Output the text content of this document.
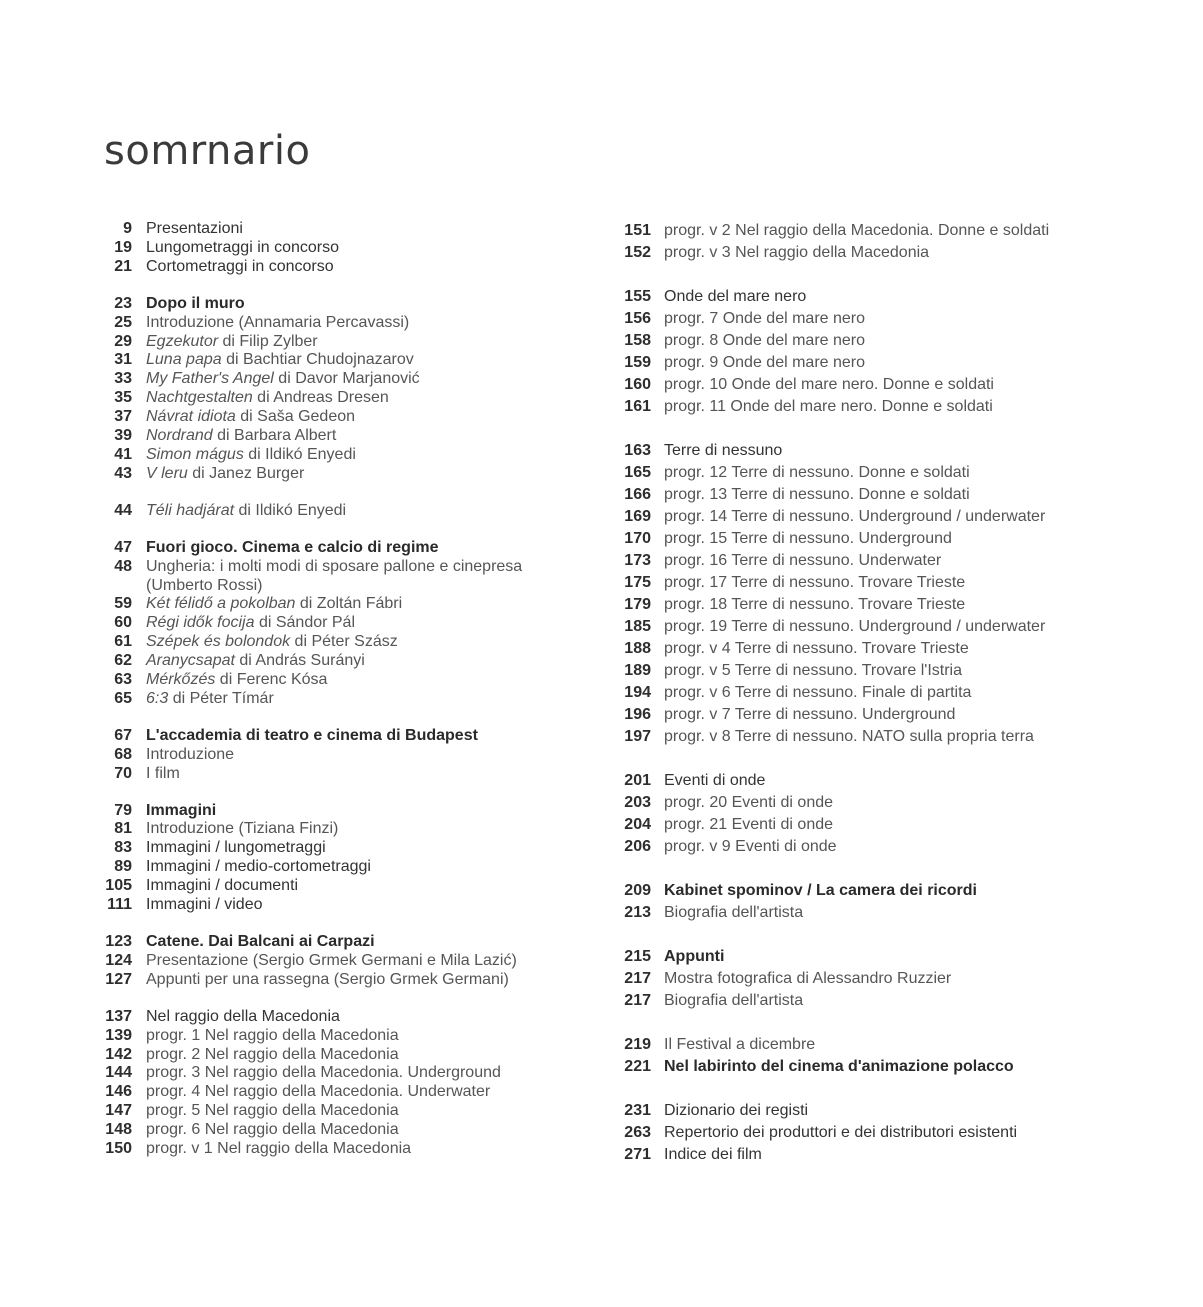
somrnario
9 Presentazioni
19 Lungometraggi in concorso
21 Cortometraggi in concorso
23 Dopo il muro
25 Introduzione (Annamaria Percavassi)
29 Egzekutor di Filip Zylber
31 Luna papa di Bachtiar Chudojnazarov
33 My Father's Angel di Davor Marjanović
35 Nachtgestalten di Andreas Dresen
37 Návrat idiota di Saša Gedeon
39 Nordrand di Barbara Albert
41 Simon mágus di Ildikó Enyedi
43 V leru di Janez Burger
44 Téli hadjárat di Ildikó Enyedi
47 Fuori gioco. Cinema e calcio di regime
48 Ungheria: i molti modi di sposare pallone e cinepresa (Umberto Rossi)
59 Két félidő a pokolban di Zoltán Fábri
60 Régi idők focija di Sándor Pál
61 Szépek és bolondok di Péter Szász
62 Aranycsapat di András Surányi
63 Mérkőzés di Ferenc Kósa
65 6:3 di Péter Tímár
67 L'accademia di teatro e cinema di Budapest
68 Introduzione
70 I film
79 Immagini
81 Introduzione (Tiziana Finzi)
83 Immagini / lungometraggi
89 Immagini / medio-cortometraggi
105 Immagini / documenti
111 Immagini / video
123 Catene. Dai Balcani ai Carpazi
124 Presentazione (Sergio Grmek Germani e Mila Lazić)
127 Appunti per una rassegna (Sergio Grmek Germani)
137 Nel raggio della Macedonia
139 progr. 1 Nel raggio della Macedonia
142 progr. 2 Nel raggio della Macedonia
144 progr. 3 Nel raggio della Macedonia. Underground
146 progr. 4 Nel raggio della Macedonia. Underwater
147 progr. 5 Nel raggio della Macedonia
148 progr. 6 Nel raggio della Macedonia
150 progr. v 1 Nel raggio della Macedonia
151 progr. v 2 Nel raggio della Macedonia. Donne e soldati
152 progr. v 3 Nel raggio della Macedonia
155 Onde del mare nero
156 progr. 7 Onde del mare nero
158 progr. 8 Onde del mare nero
159 progr. 9 Onde del mare nero
160 progr. 10 Onde del mare nero. Donne e soldati
161 progr. 11 Onde del mare nero. Donne e soldati
163 Terre di nessuno
165 progr. 12 Terre di nessuno. Donne e soldati
166 progr. 13 Terre di nessuno. Donne e soldati
169 progr. 14 Terre di nessuno. Underground / underwater
170 progr. 15 Terre di nessuno. Underground
173 progr. 16 Terre di nessuno. Underwater
175 progr. 17 Terre di nessuno. Trovare Trieste
179 progr. 18 Terre di nessuno. Trovare Trieste
185 progr. 19 Terre di nessuno. Underground / underwater
188 progr. v 4 Terre di nessuno. Trovare Trieste
189 progr. v 5 Terre di nessuno. Trovare l'Istria
194 progr. v 6 Terre di nessuno. Finale di partita
196 progr. v 7 Terre di nessuno. Underground
197 progr. v 8 Terre di nessuno. NATO sulla propria terra
201 Eventi di onde
203 progr. 20 Eventi di onde
204 progr. 21 Eventi di onde
206 progr. v 9 Eventi di onde
209 Kabinet spominov / La camera dei ricordi
213 Biografia dell'artista
215 Appunti
217 Mostra fotografica di Alessandro Ruzzier
217 Biografia dell'artista
219 Il Festival a dicembre
221 Nel labirinto del cinema d'animazione polacco
231 Dizionario dei registi
263 Repertorio dei produttori e dei distributori esistenti
271 Indice dei film
